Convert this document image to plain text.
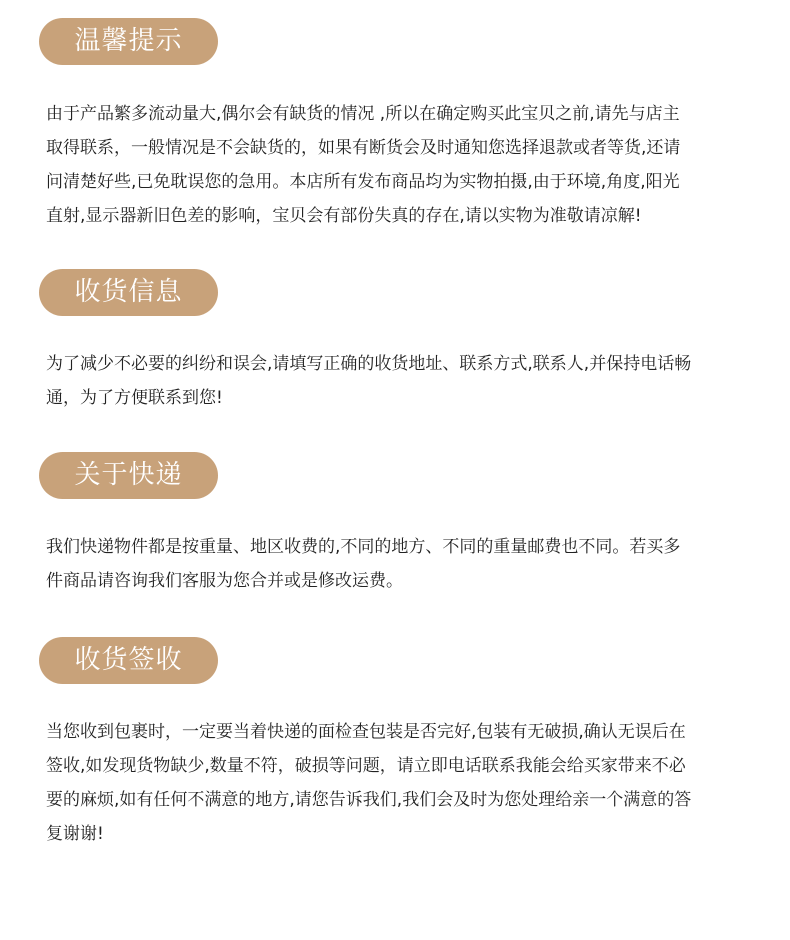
温馨提示
由于产品繁多流动量大,偶尔会有缺货的情况 ,所以在确定购买此宝贝之前,请先与店主
取得联系，一般情况是不会缺货的，如果有断货会及时通知您选择退款或者等货,还请
问清楚好些,已免耽误您的急用。本店所有发布商品均为实物拍摄,由于环境,角度,阳光
直射,显示器新旧色差的影响，宝贝会有部份失真的存在,请以实物为准敬请凉解!
收货信息
为了减少不必要的纠纷和误会,请填写正确的收货地址、联系方式,联系人,并保持电话畅
通，为了方便联系到您!
关于快递
我们快递物件都是按重量、地区收费的,不同的地方、不同的重量邮费也不同。若买多
件商品请咨询我们客服为您合并或是修改运费。
收货签收
当您收到包裹时，一定要当着快递的面检查包装是否完好,包装有无破损,确认无误后在
签收,如发现货物缺少,数量不符，破损等问题，请立即电话联系我能会给买家带来不必
要的麻烦,如有任何不满意的地方,请您告诉我们,我们会及时为您处理给亲一个满意的答
复谢谢!
